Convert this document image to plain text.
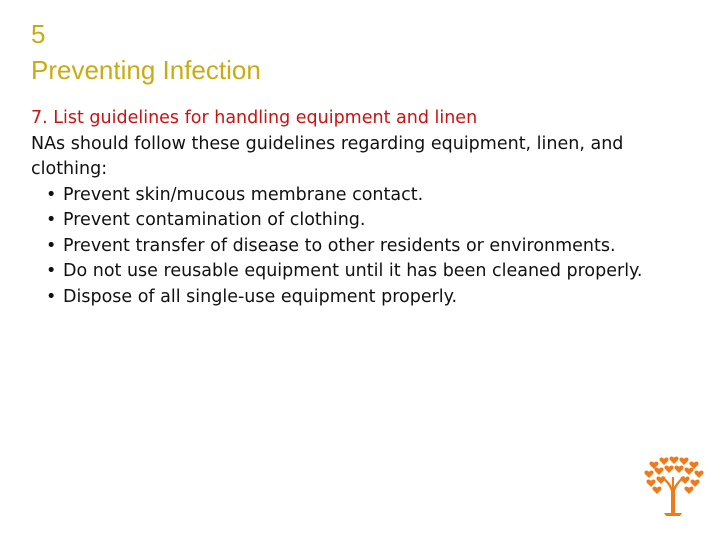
5
Preventing Infection

7. List guidelines for handling equipment and linen

NAs should follow these guidelines regarding equipment, linen, and clothing:

• Prevent skin/mucous membrane contact.
• Prevent contamination of clothing.
• Prevent transfer of disease to other residents or environments.
• Do not use reusable equipment until it has been cleaned properly.
• Dispose of all single-use equipment properly.
